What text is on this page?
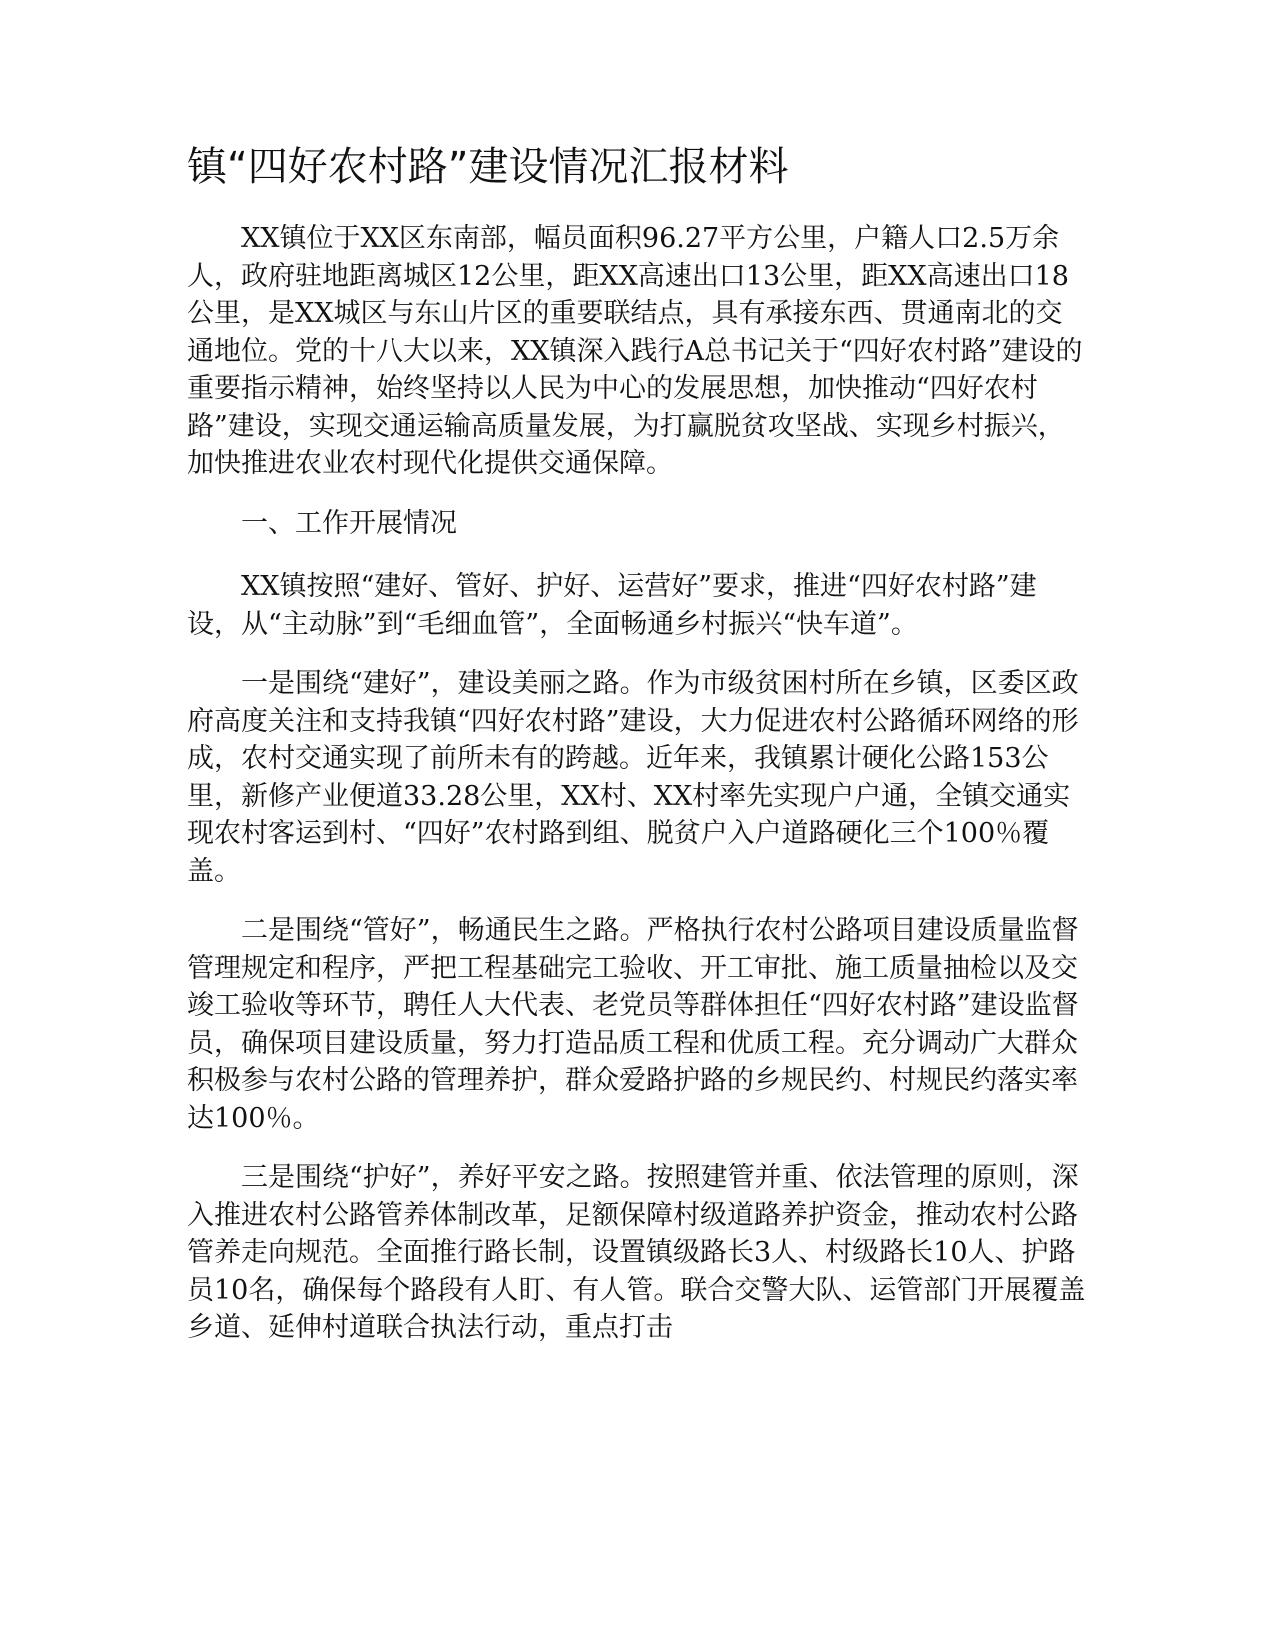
镇“四好农村路”建设情况汇报材料

XX镇位于XX区东南部，幅员面积96.27平方公里，户籍人口2.5万余人，政府驻地距离城区12公里，距XX高速出口13公里，距XX高速出口18公里，是XX城区与东山片区的重要联结点，具有承接东西、贯通南北的交通地位。党的十八大以来，XX镇深入践行A总书记关于“四好农村路”建设的重要指示精神，始终坚持以人民为中心的发展思想，加快推动“四好农村路”建设，实现交通运输高质量发展，为打赢脱贫攻坚战、实现乡村振兴，加快推进农业农村现代化提供交通保障。

一、工作开展情况

XX镇按照“建好、管好、护好、运营好”要求，推进“四好农村路”建设，从“主动脉”到“毛细血管”，全面畅通乡村振兴“快车道”。

一是围绕“建好”，建设美丽之路。作为市级贫困村所在乡镇，区委区政府高度关注和支持我镇“四好农村路”建设，大力促进农村公路循环网络的形成，农村交通实现了前所未有的跨越。近年来，我镇累计硬化公路153公里，新修产业便道33.28公里，XX村、XX村率先实现户户通，全镇交通实现农村客运到村、“四好”农村路到组、脱贫户入户道路硬化三个100％覆盖。

二是围绕“管好”，畅通民生之路。严格执行农村公路项目建设质量监督管理规定和程序，严把工程基础完工验收、开工审批、施工质量抽检以及交竣工验收等环节，聘任人大代表、老党员等群体担任“四好农村路”建设监督员，确保项目建设质量，努力打造品质工程和优质工程。充分调动广大群众积极参与农村公路的管理养护，群众爱路护路的乡规民约、村规民约落实率达100％。

三是围绕“护好”，养好平安之路。按照建管并重、依法管理的原则，深入推进农村公路管养体制改革，足额保障村级道路养护资金，推动农村公路管养走向规范。全面推行路长制，设置镇级路长3人、村级路长10人、护路员10名，确保每个路段有人盯、有人管。联合交警大队、运管部门开展覆盖乡道、延伸村道联合执法行动，重点打击
